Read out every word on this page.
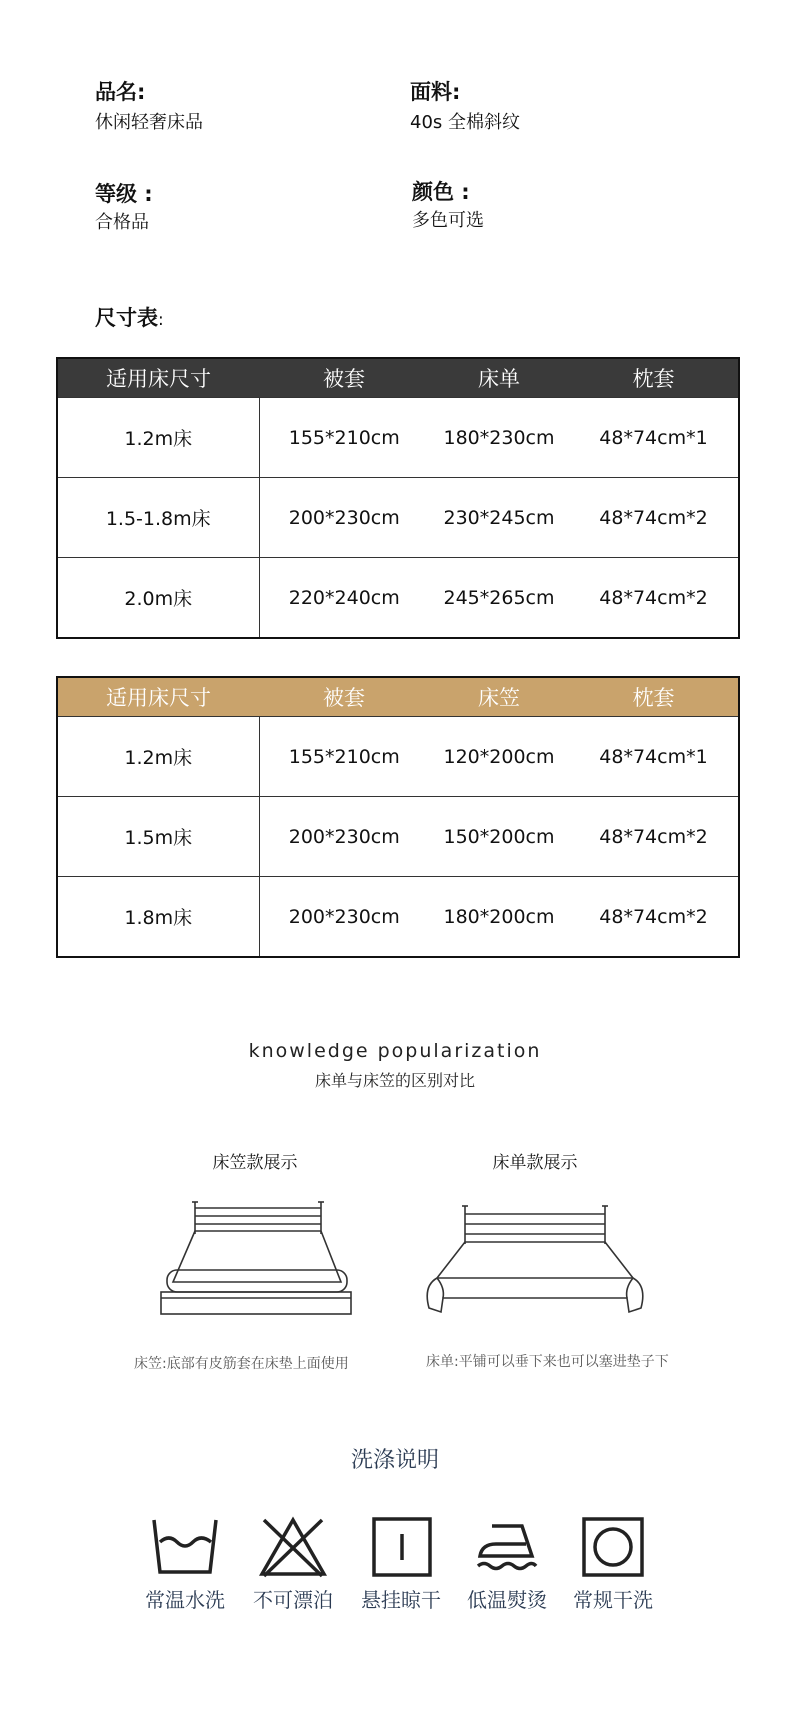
品名:
休闲轻奢床品
面料:
40s 全棉斜纹
等级 :
合格品
颜色 :
多色可选
尺寸表:
适用床尺寸	被套	床单	枕套
1.2m床	155*210cm	180*230cm	48*74cm*1
1.5-1.8m床	200*230cm	230*245cm	48*74cm*2
2.0m床	220*240cm	245*265cm	48*74cm*2
适用床尺寸	被套	床笠	枕套
1.2m床	155*210cm	120*200cm	48*74cm*1
1.5m床	200*230cm	150*200cm	48*74cm*2
1.8m床	200*230cm	180*200cm	48*74cm*2
knowledge popularization
床单与床笠的区别对比
床笠款展示	床单款展示
床笠:底部有皮筋套在床垫上面使用	床单:平铺可以垂下来也可以塞进垫子下
洗涤说明
常温水洗	不可漂泊	悬挂晾干	低温熨烫	常规干洗
